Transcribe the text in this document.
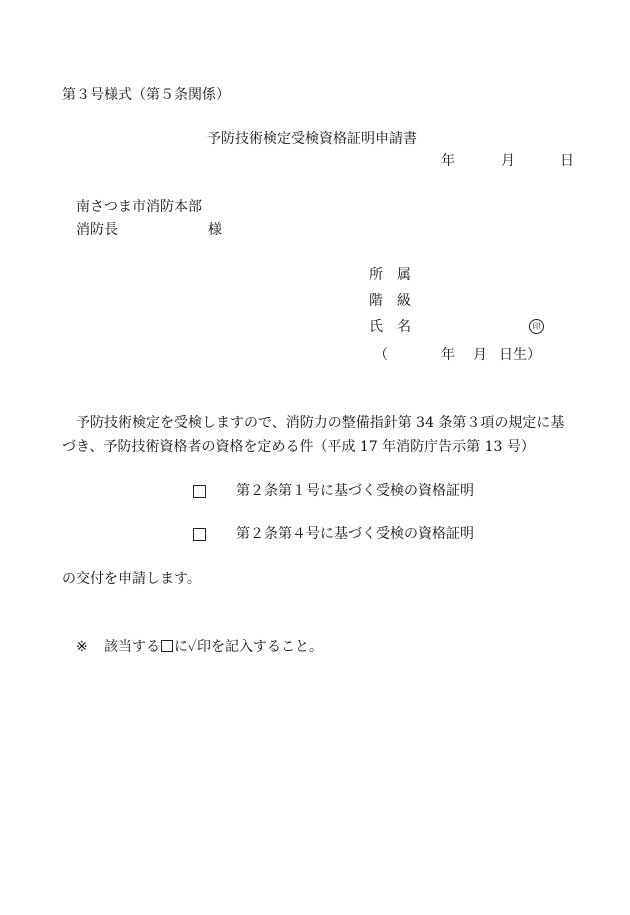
第３号様式（第５条関係）
予防技術検定受検資格証明申請書
年	月	日
南さつま市消防本部
消防長	様
所　属
階　級
氏　名	印
（	年 月 日生）
予防技術検定を受検しますので、消防力の整備指針第 34 条第３項の規定に基
づき、予防技術資格者の資格を定める件（平成 17 年消防庁告示第 13 号）
第２条第１号に基づく受検の資格証明
第２条第４号に基づく受検の資格証明
の交付を申請します。
※ 該当する に✓印を記入すること。
